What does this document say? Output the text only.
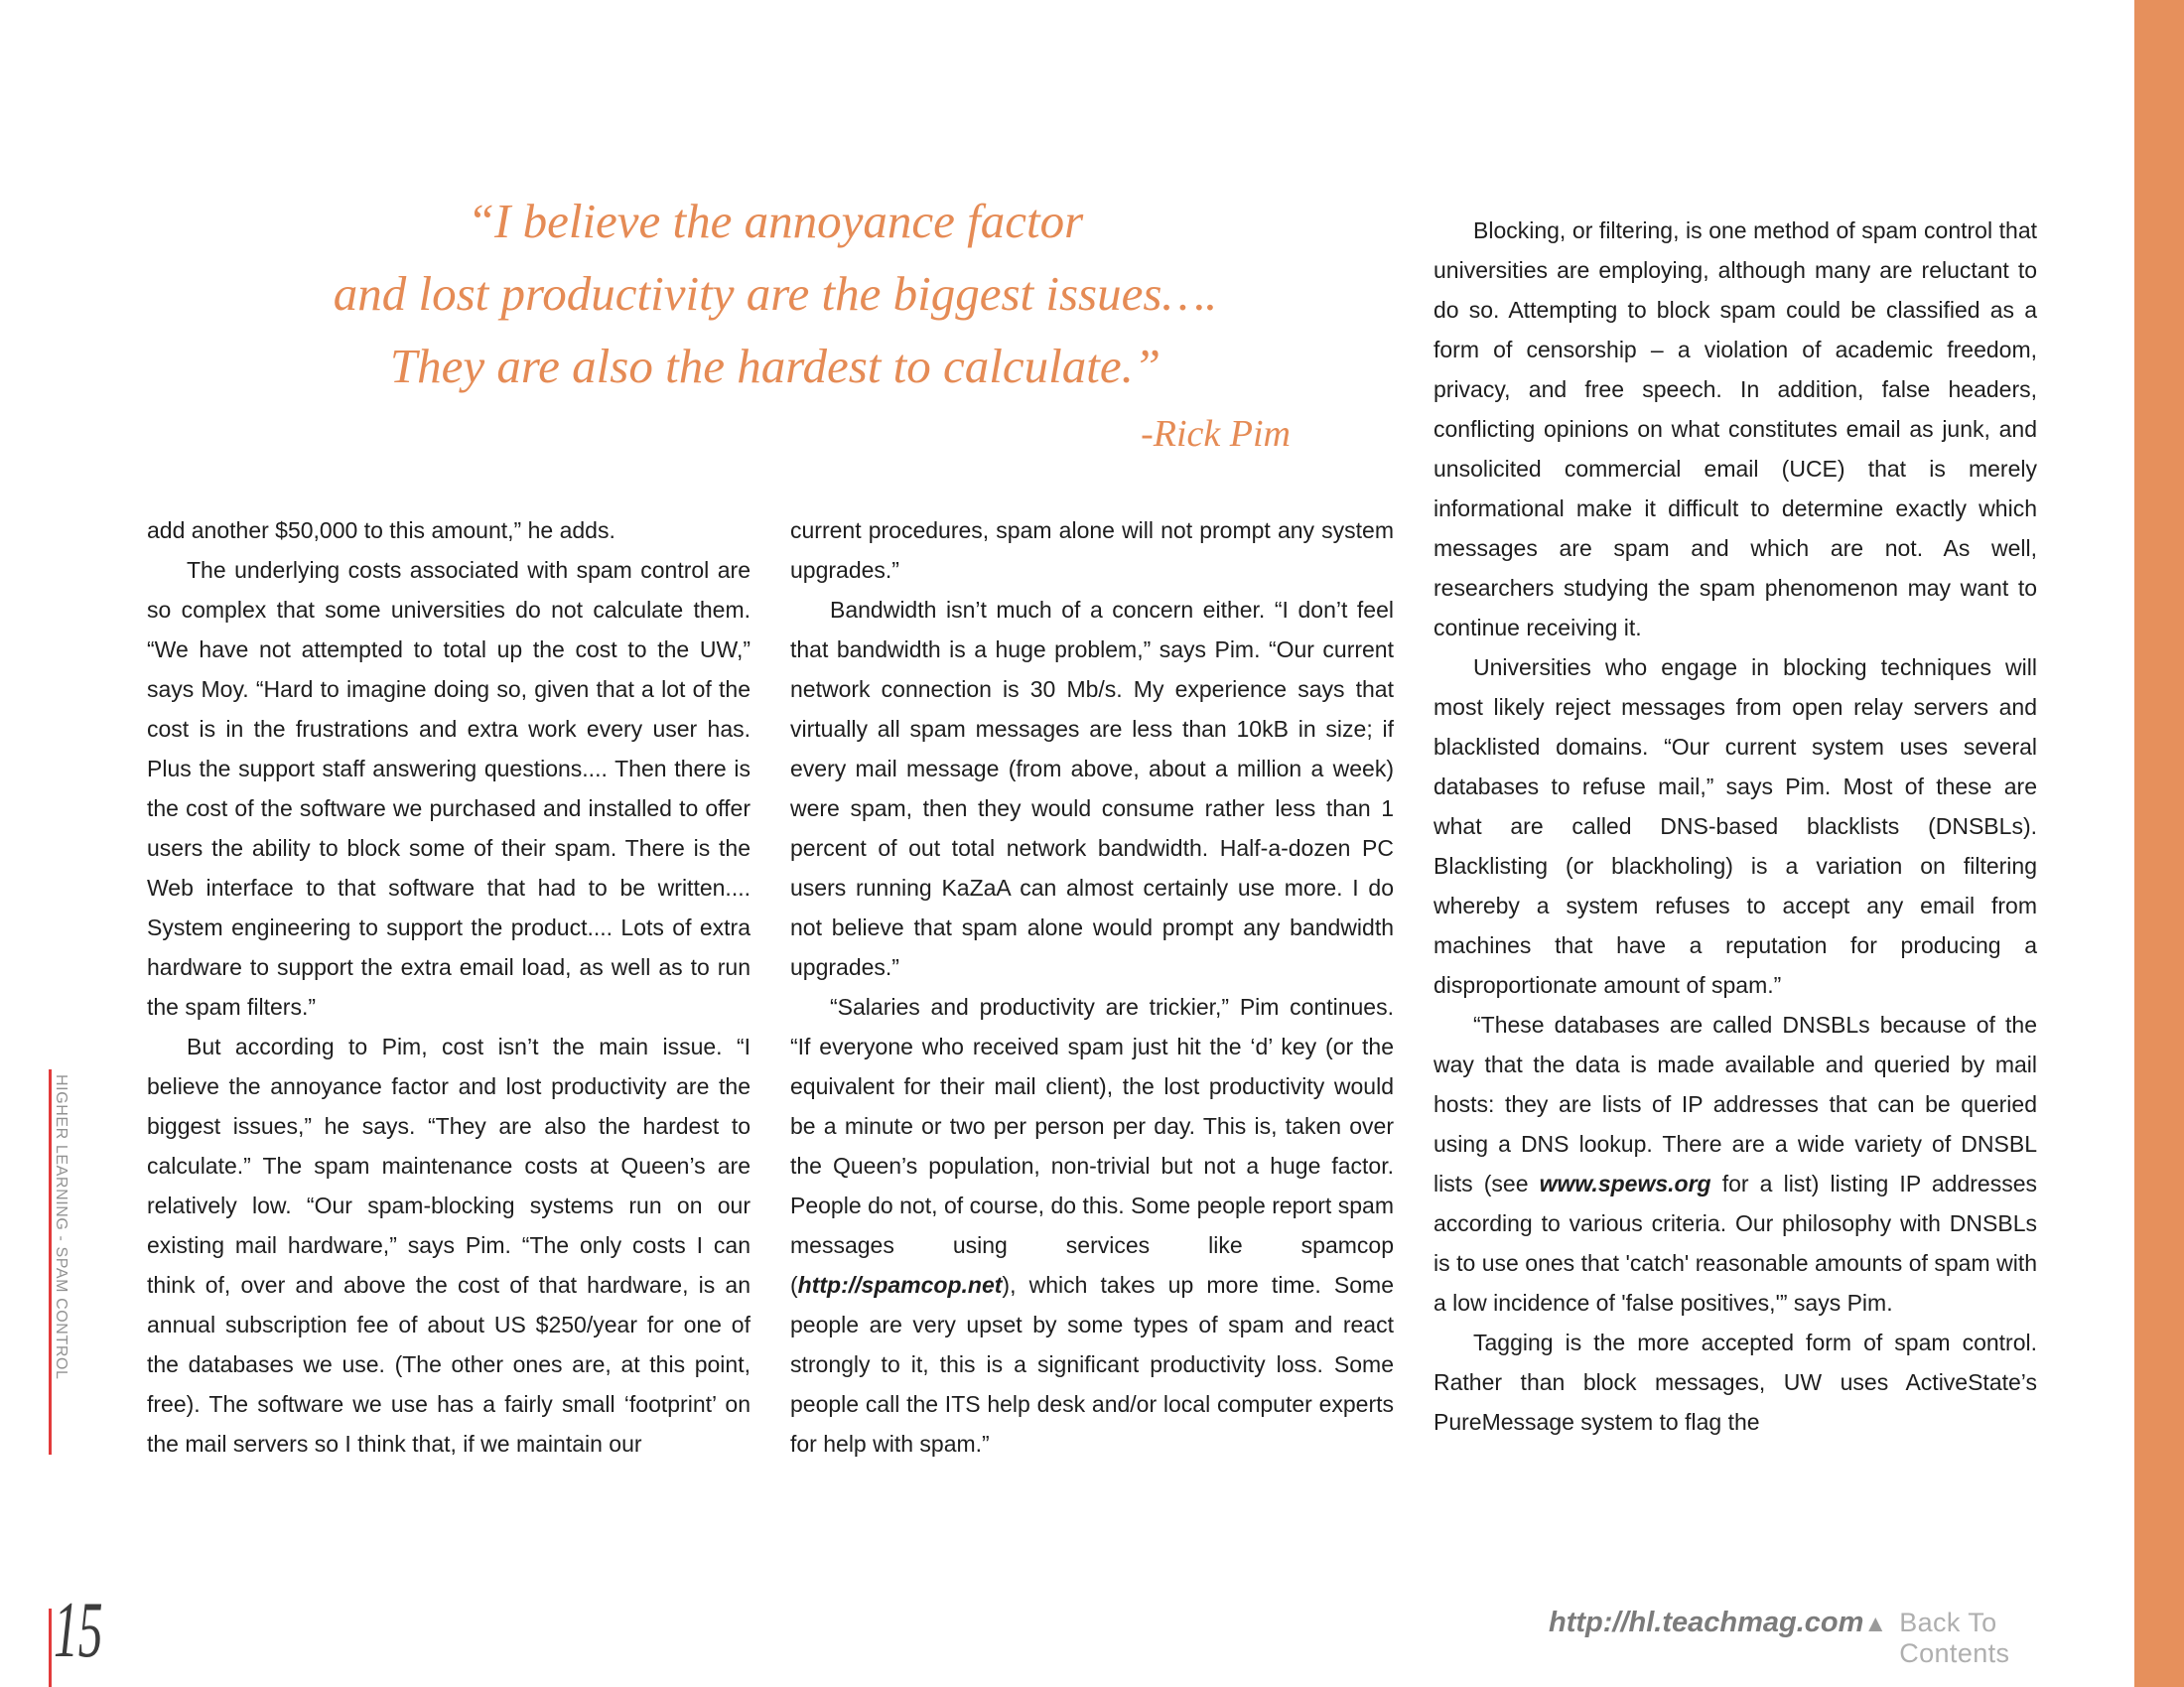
HIGHER LEARNING - SPAM CONTROL
15
“I believe the annoyance factor
and lost productivity are the biggest issues….
They are also the hardest to calculate.”
-Rick Pim

add another $50,000 to this amount,” he adds.

The underlying costs associated with spam control are so complex that some universities do not calculate them. “We have not attempted to total up the cost to the UW,” says Moy. “Hard to imagine doing so, given that a lot of the cost is in the frustrations and extra work every user has. Plus the support staff answering questions.... Then there is the cost of the software we purchased and installed to offer users the ability to block some of their spam. There is the Web interface to that software that had to be written.... System engineering to support the product.... Lots of extra hardware to support the extra email load, as well as to run the spam filters.”

But according to Pim, cost isn’t the main issue. “I believe the annoyance factor and lost productivity are the biggest issues,” he says. “They are also the hardest to calculate.” The spam maintenance costs at Queen’s are relatively low. “Our spam-blocking systems run on our existing mail hardware,” says Pim. “The only costs I can think of, over and above the cost of that hardware, is an annual subscription fee of about US $250/year for one of the databases we use. (The other ones are, at this point, free). The software we use has a fairly small ‘footprint’ on the mail servers so I think that, if we maintain our

current procedures, spam alone will not prompt any system upgrades.”

Bandwidth isn’t much of a concern either. “I don’t feel that bandwidth is a huge problem,” says Pim. “Our current network connection is 30 Mb/s. My experience says that virtually all spam messages are less than 10kB in size; if every mail message (from above, about a million a week) were spam, then they would consume rather less than 1 percent of out total network bandwidth. Half-a-dozen PC users running KaZaA can almost certainly use more. I do not believe that spam alone would prompt any bandwidth upgrades.”

“Salaries and productivity are trickier,” Pim continues. “If everyone who received spam just hit the ‘d’ key (or the equivalent for their mail client), the lost productivity would be a minute or two per person per day. This is, taken over the Queen’s population, non-trivial but not a huge factor. People do not, of course, do this. Some people report spam messages using services like spamcop (http://spamcop.net), which takes up more time. Some people are very upset by some types of spam and react strongly to it, this is a significant productivity loss. Some people call the ITS help desk and/or local computer experts for help with spam.”

Blocking, or filtering, is one method of spam control that universities are employing, although many are reluctant to do so. Attempting to block spam could be classified as a form of censorship – a violation of academic freedom, privacy, and free speech. In addition, false headers, conflicting opinions on what constitutes email as junk, and unsolicited commercial email (UCE) that is merely informational make it difficult to determine exactly which messages are spam and which are not. As well, researchers studying the spam phenomenon may want to continue receiving it.

Universities who engage in blocking techniques will most likely reject messages from open relay servers and blacklisted domains. “Our current system uses several databases to refuse mail,” says Pim. Most of these are what are called DNS-based blacklists (DNSBLs). Blacklisting (or blackholing) is a variation on filtering whereby a system refuses to accept any email from machines that have a reputation for producing a disproportionate amount of spam.”

“These databases are called DNSBLs because of the way that the data is made available and queried by mail hosts: they are lists of IP addresses that can be queried using a DNS lookup. There are a wide variety of DNSBL lists (see www.spews.org for a list) listing IP addresses according to various criteria. Our philosophy with DNSBLs is to use ones that 'catch' reasonable amounts of spam with a low incidence of 'false positives,'” says Pim.

Tagging is the more accepted form of spam control. Rather than block messages, UW uses ActiveState’s PureMessage system to flag the

http://hl.teachmag.com ▲ Back To Contents
